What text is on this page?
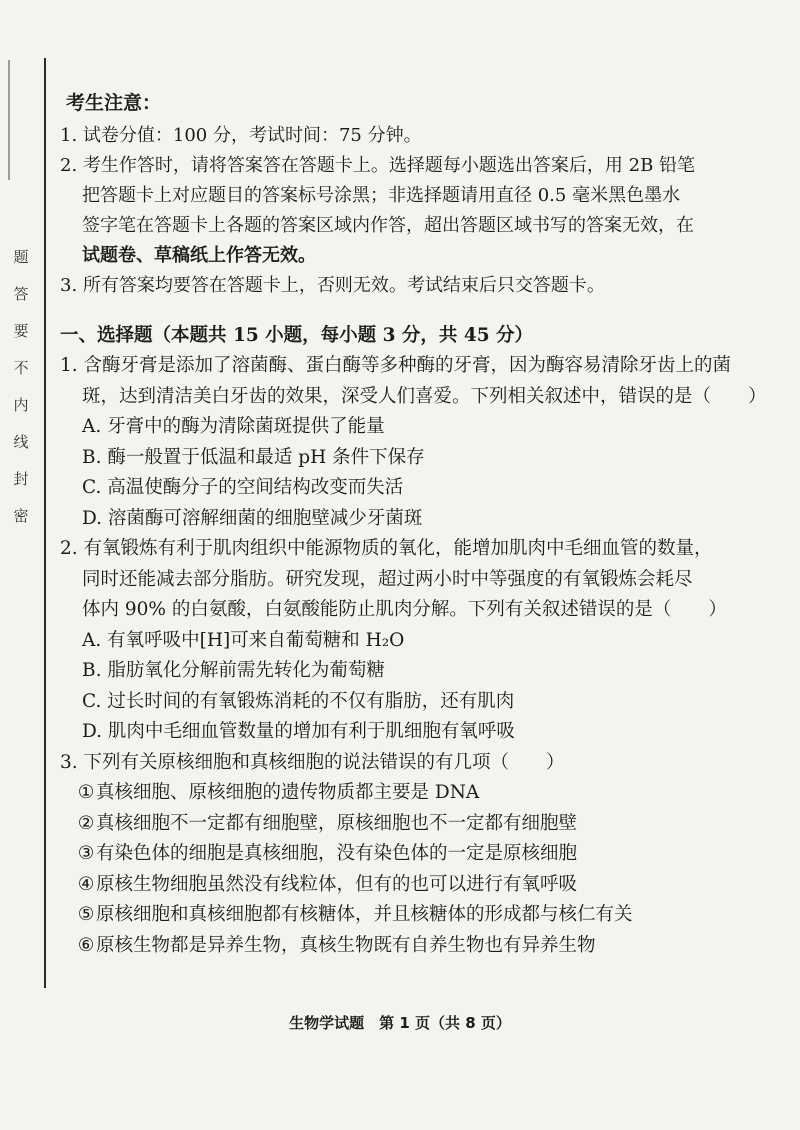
题
答
要
不
内
线
封
密
考生注意：
1. 试卷分值：100 分，考试时间：75 分钟。
2. 考生作答时，请将答案答在答题卡上。选择题每小题选出答案后，用 2B 铅笔
把答题卡上对应题目的答案标号涂黑；非选择题请用直径 0.5 毫米黑色墨水
签字笔在答题卡上各题的答案区域内作答，超出答题区域书写的答案无效，在
试题卷、草稿纸上作答无效。
3. 所有答案均要答在答题卡上，否则无效。考试结束后只交答题卡。
一、选择题（本题共 15 小题，每小题 3 分，共 45 分）
1. 含酶牙膏是添加了溶菌酶、蛋白酶等多种酶的牙膏，因为酶容易清除牙齿上的菌
斑，达到清洁美白牙齿的效果，深受人们喜爱。下列相关叙述中，错误的是（　　）
A. 牙膏中的酶为清除菌斑提供了能量
B. 酶一般置于低温和最适 pH 条件下保存
C. 高温使酶分子的空间结构改变而失活
D. 溶菌酶可溶解细菌的细胞壁减少牙菌斑
2. 有氧锻炼有利于肌肉组织中能源物质的氧化，能增加肌肉中毛细血管的数量，
同时还能减去部分脂肪。研究发现，超过两小时中等强度的有氧锻炼会耗尽
体内 90% 的白氨酸，白氨酸能防止肌肉分解。下列有关叙述错误的是（　　）
A. 有氧呼吸中[H]可来自葡萄糖和 H₂O
B. 脂肪氧化分解前需先转化为葡萄糖
C. 过长时间的有氧锻炼消耗的不仅有脂肪，还有肌肉
D. 肌肉中毛细血管数量的增加有利于肌细胞有氧呼吸
3. 下列有关原核细胞和真核细胞的说法错误的有几项（　　）
①真核细胞、原核细胞的遗传物质都主要是 DNA
②真核细胞不一定都有细胞壁，原核细胞也不一定都有细胞壁
③有染色体的细胞是真核细胞，没有染色体的一定是原核细胞
④原核生物细胞虽然没有线粒体，但有的也可以进行有氧呼吸
⑤原核细胞和真核细胞都有核糖体，并且核糖体的形成都与核仁有关
⑥原核生物都是异养生物，真核生物既有自养生物也有异养生物
生物学试题　第 1 页（共 8 页）
